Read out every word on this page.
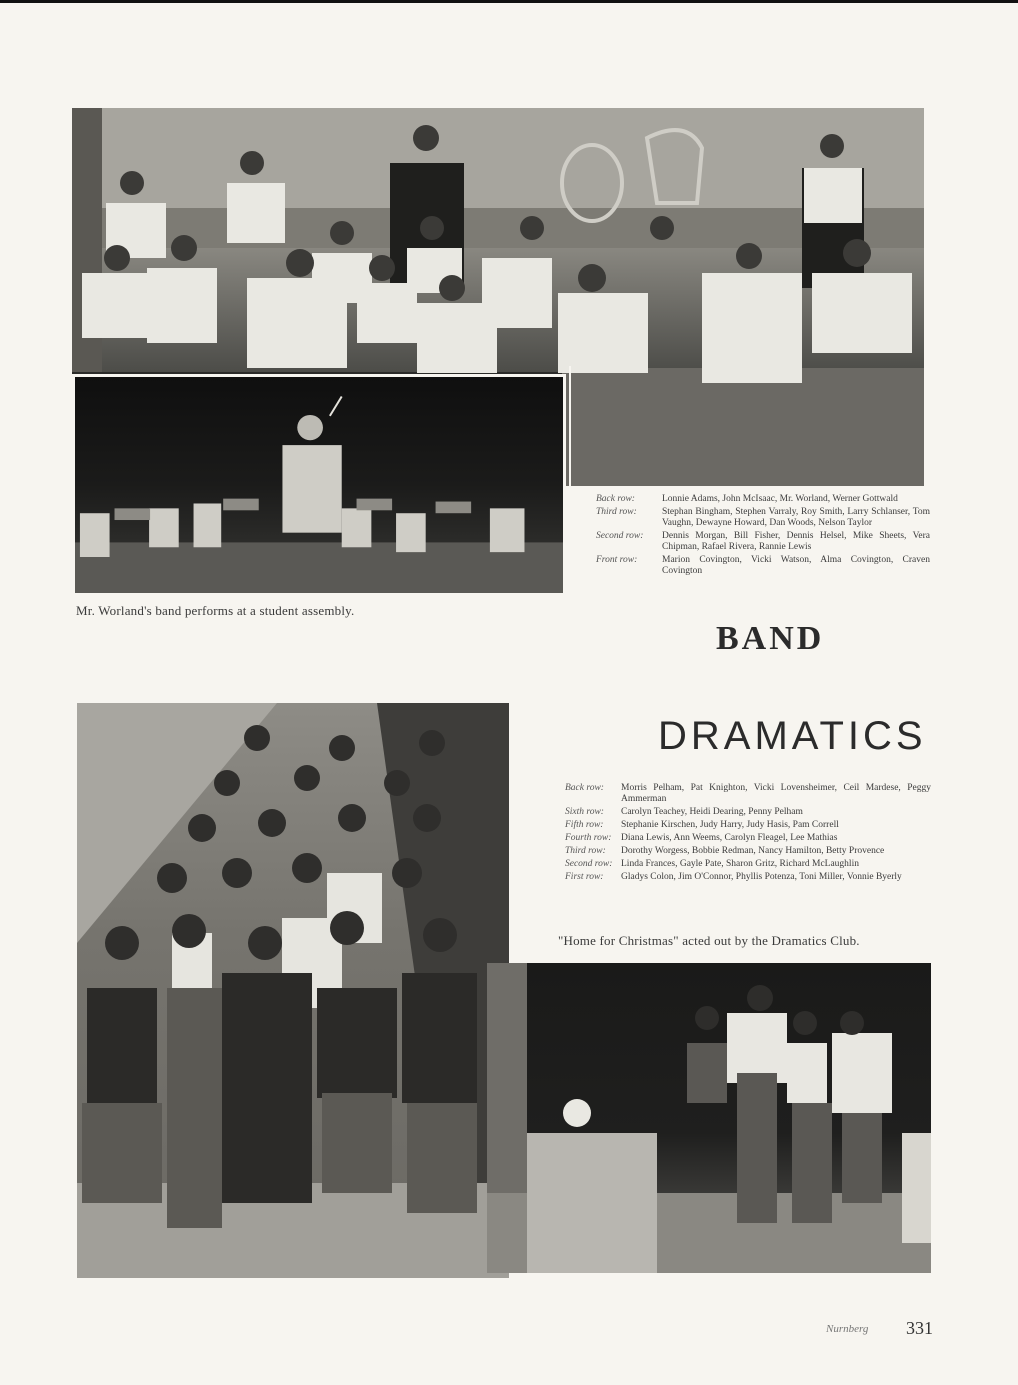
Mr. Worland's band performs at a student assembly.
Back row:	Lonnie Adams, John McIsaac, Mr. Worland, Werner Gottwald
Third row:	Stephan Bingham, Stephen Varraly, Roy Smith, Larry Schlanser, Tom Vaughn, Dewayne Howard, Dan Woods, Nelson Taylor
Second row:	Dennis Morgan, Bill Fisher, Dennis Helsel, Mike Sheets, Vera Chipman, Rafael Rivera, Rannie Lewis
Front row:	Marion Covington, Vicki Watson, Alma Covington, Craven Covington
BAND
DRAMATICS
Back row:	Morris Pelham, Pat Knighton, Vicki Lovensheimer, Ceil Mardese, Peggy Ammerman
Sixth row:	Carolyn Teachey, Heidi Dearing, Penny Pelham
Fifth row:	Stephanie Kirschen, Judy Harry, Judy Hasis, Pam Correll
Fourth row:	Diana Lewis, Ann Weems, Carolyn Fleagel, Lee Mathias
Third row:	Dorothy Worgess, Bobbie Redman, Nancy Hamilton, Betty Provence
Second row: Linda Frances, Gayle Pate, Sharon Gritz, Richard McLaughlin
First row:	Gladys Colon, Jim O'Connor, Phyllis Potenza, Toni Miller, Vonnie Byerly
"Home for Christmas" acted out by the Dramatics Club.
Nurnberg 331
